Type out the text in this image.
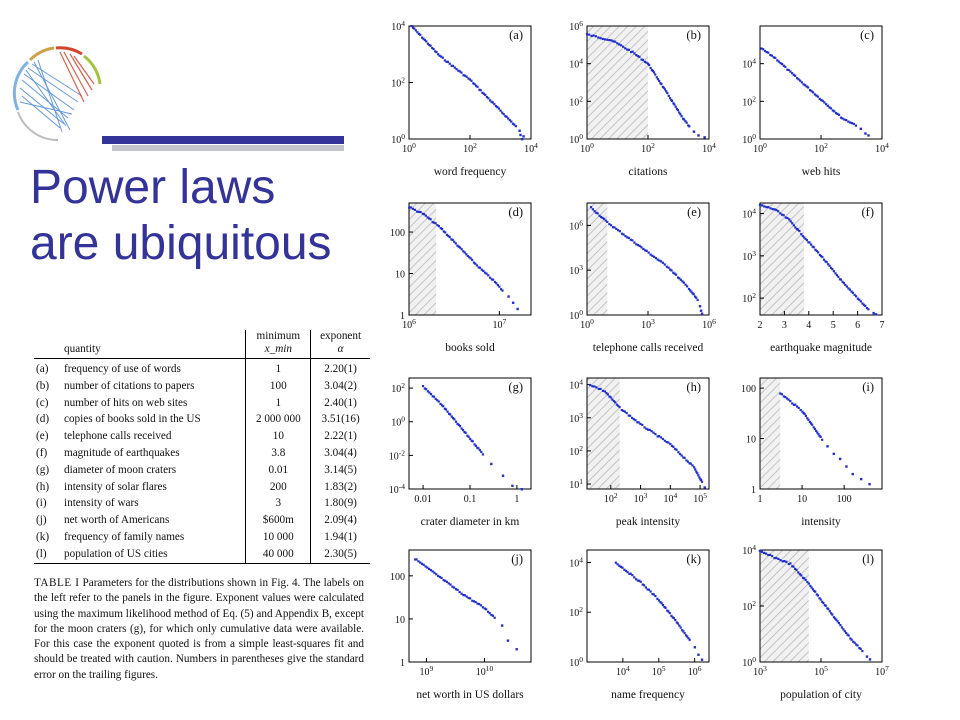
Power laws
are ubiquitous
		minimum	exponent
	quantity	x_min	α
(a)	frequency of use of words	1	2.20(1)
(b)	number of citations to papers	100	3.04(2)
(c)	number of hits on web sites	1	2.40(1)
(d)	copies of books sold in the US	2 000 000	3.51(16)
(e)	telephone calls received	10	2.22(1)
(f)	magnitude of earthquakes	3.8	3.04(4)
(g)	diameter of moon craters	0.01	3.14(5)
(h)	intensity of solar flares	200	1.83(2)
(i)	intensity of wars	3	1.80(9)
(j)	net worth of Americans	$600m	2.09(4)
(k)	frequency of family names	10 000	1.94(1)
(l)	population of US cities	40 000	2.30(5)
TABLE I Parameters for the distributions shown in Fig. 4. The labels on the left refer to the panels in the figure. Exponent values were calculated using the maximum likelihood method of Eq. (5) and Appendix B, except for the moon craters (g), for which only cumulative data were available. For this case the exponent quoted is from a simple least-squares fit and should be treated with caution. Numbers in parentheses give the standard error on the trailing figures.
$10^0$	$10^2$	$10^4$
$10^0$
$10^2$
$10^4$
(a)
word frequency
$10^0$	$10^2$	$10^4$
$10^0$
$10^2$
$10^4$
$10^6$
(b)
citations
$10^0$	$10^2$	$10^4$
$10^0$
$10^2$
$10^4$
(c)
web hits
$10^6$	$10^7$
1
10
100
(d)
books sold
$10^0$	$10^3$	$10^6$
$10^0$
$10^3$
$10^6$
(e)
telephone calls received
2 3 4 5 6 7
$10^2$
$10^3$
$10^4$	(f)
earthquake magnitude
0.01	0.1	1
$10^{-4}$
$10^{-2}$
$10^0$
$10^2$	(g)
crater diameter in km
$10^2$ $10^3$ $10^4$ $10^5$
$10^1$
$10^2$
$10^3$
$10^4$	(h)
peak intensity
1	10	100
1
10
100	(i)
intensity
$10^9$	$10^{10}$
1
10
100
(j)
net worth in US dollars
$10^4$ $10^5$ $10^6$
$10^0$
$10^2$
$10^4$	(k)
name frequency
$10^3$	$10^5$	$10^7$
$10^0$
$10^2$
$10^4$
(l)
population of city
